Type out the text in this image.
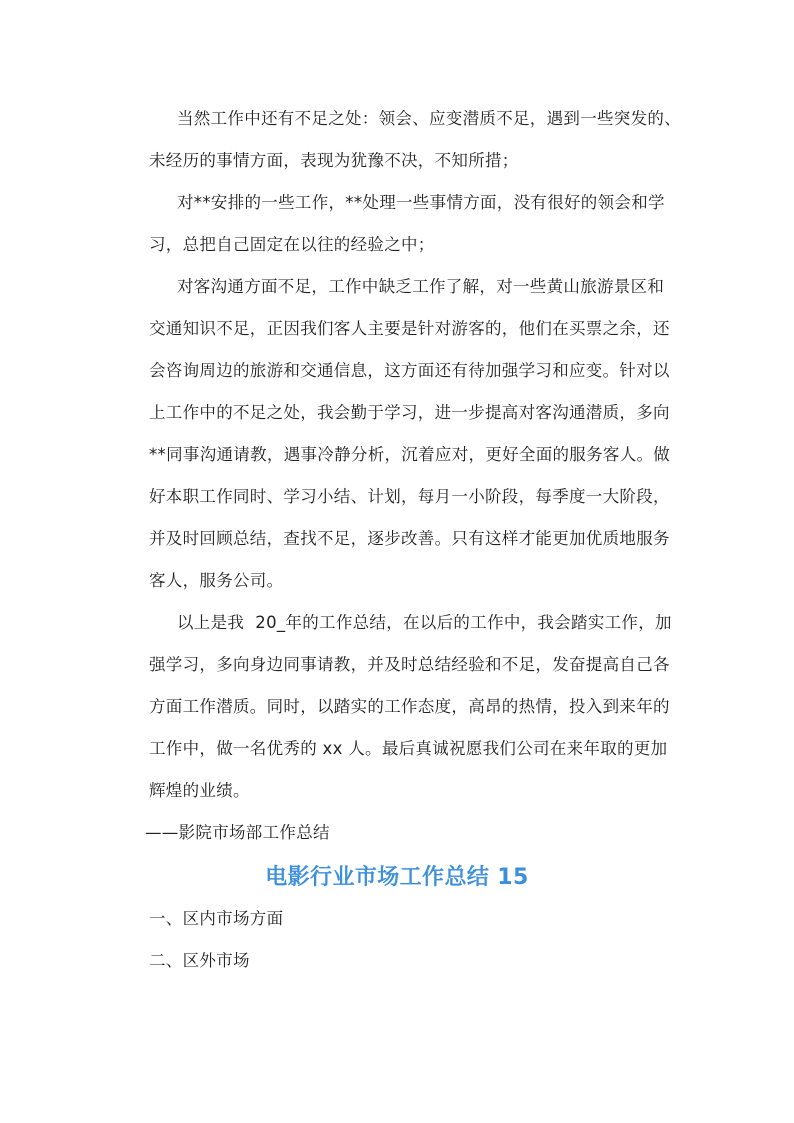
当然工作中还有不足之处：领会、应变潜质不足，遇到一些突发的、
未经历的事情方面，表现为犹豫不决，不知所措；
对**安排的一些工作，**处理一些事情方面，没有很好的领会和学
习，总把自己固定在以往的经验之中；
对客沟通方面不足，工作中缺乏工作了解，对一些黄山旅游景区和
交通知识不足，正因我们客人主要是针对游客的，他们在买票之余，还
会咨询周边的旅游和交通信息，这方面还有待加强学习和应变。针对以
上工作中的不足之处，我会勤于学习，进一步提高对客沟通潜质，多向
**同事沟通请教，遇事冷静分析，沉着应对，更好全面的服务客人。做
好本职工作同时、学习小结、计划，每月一小阶段，每季度一大阶段，
并及时回顾总结，查找不足，逐步改善。只有这样才能更加优质地服务
客人，服务公司。
以上是我  20_年的工作总结，在以后的工作中，我会踏实工作，加
强学习，多向身边同事请教，并及时总结经验和不足，发奋提高自己各
方面工作潜质。同时，以踏实的工作态度，高昂的热情，投入到来年的
工作中，做一名优秀的 xx 人。最后真诚祝愿我们公司在来年取的更加
辉煌的业绩。
——影院市场部工作总结
电影行业市场工作总结 15
一、区内市场方面
二、区外市场
